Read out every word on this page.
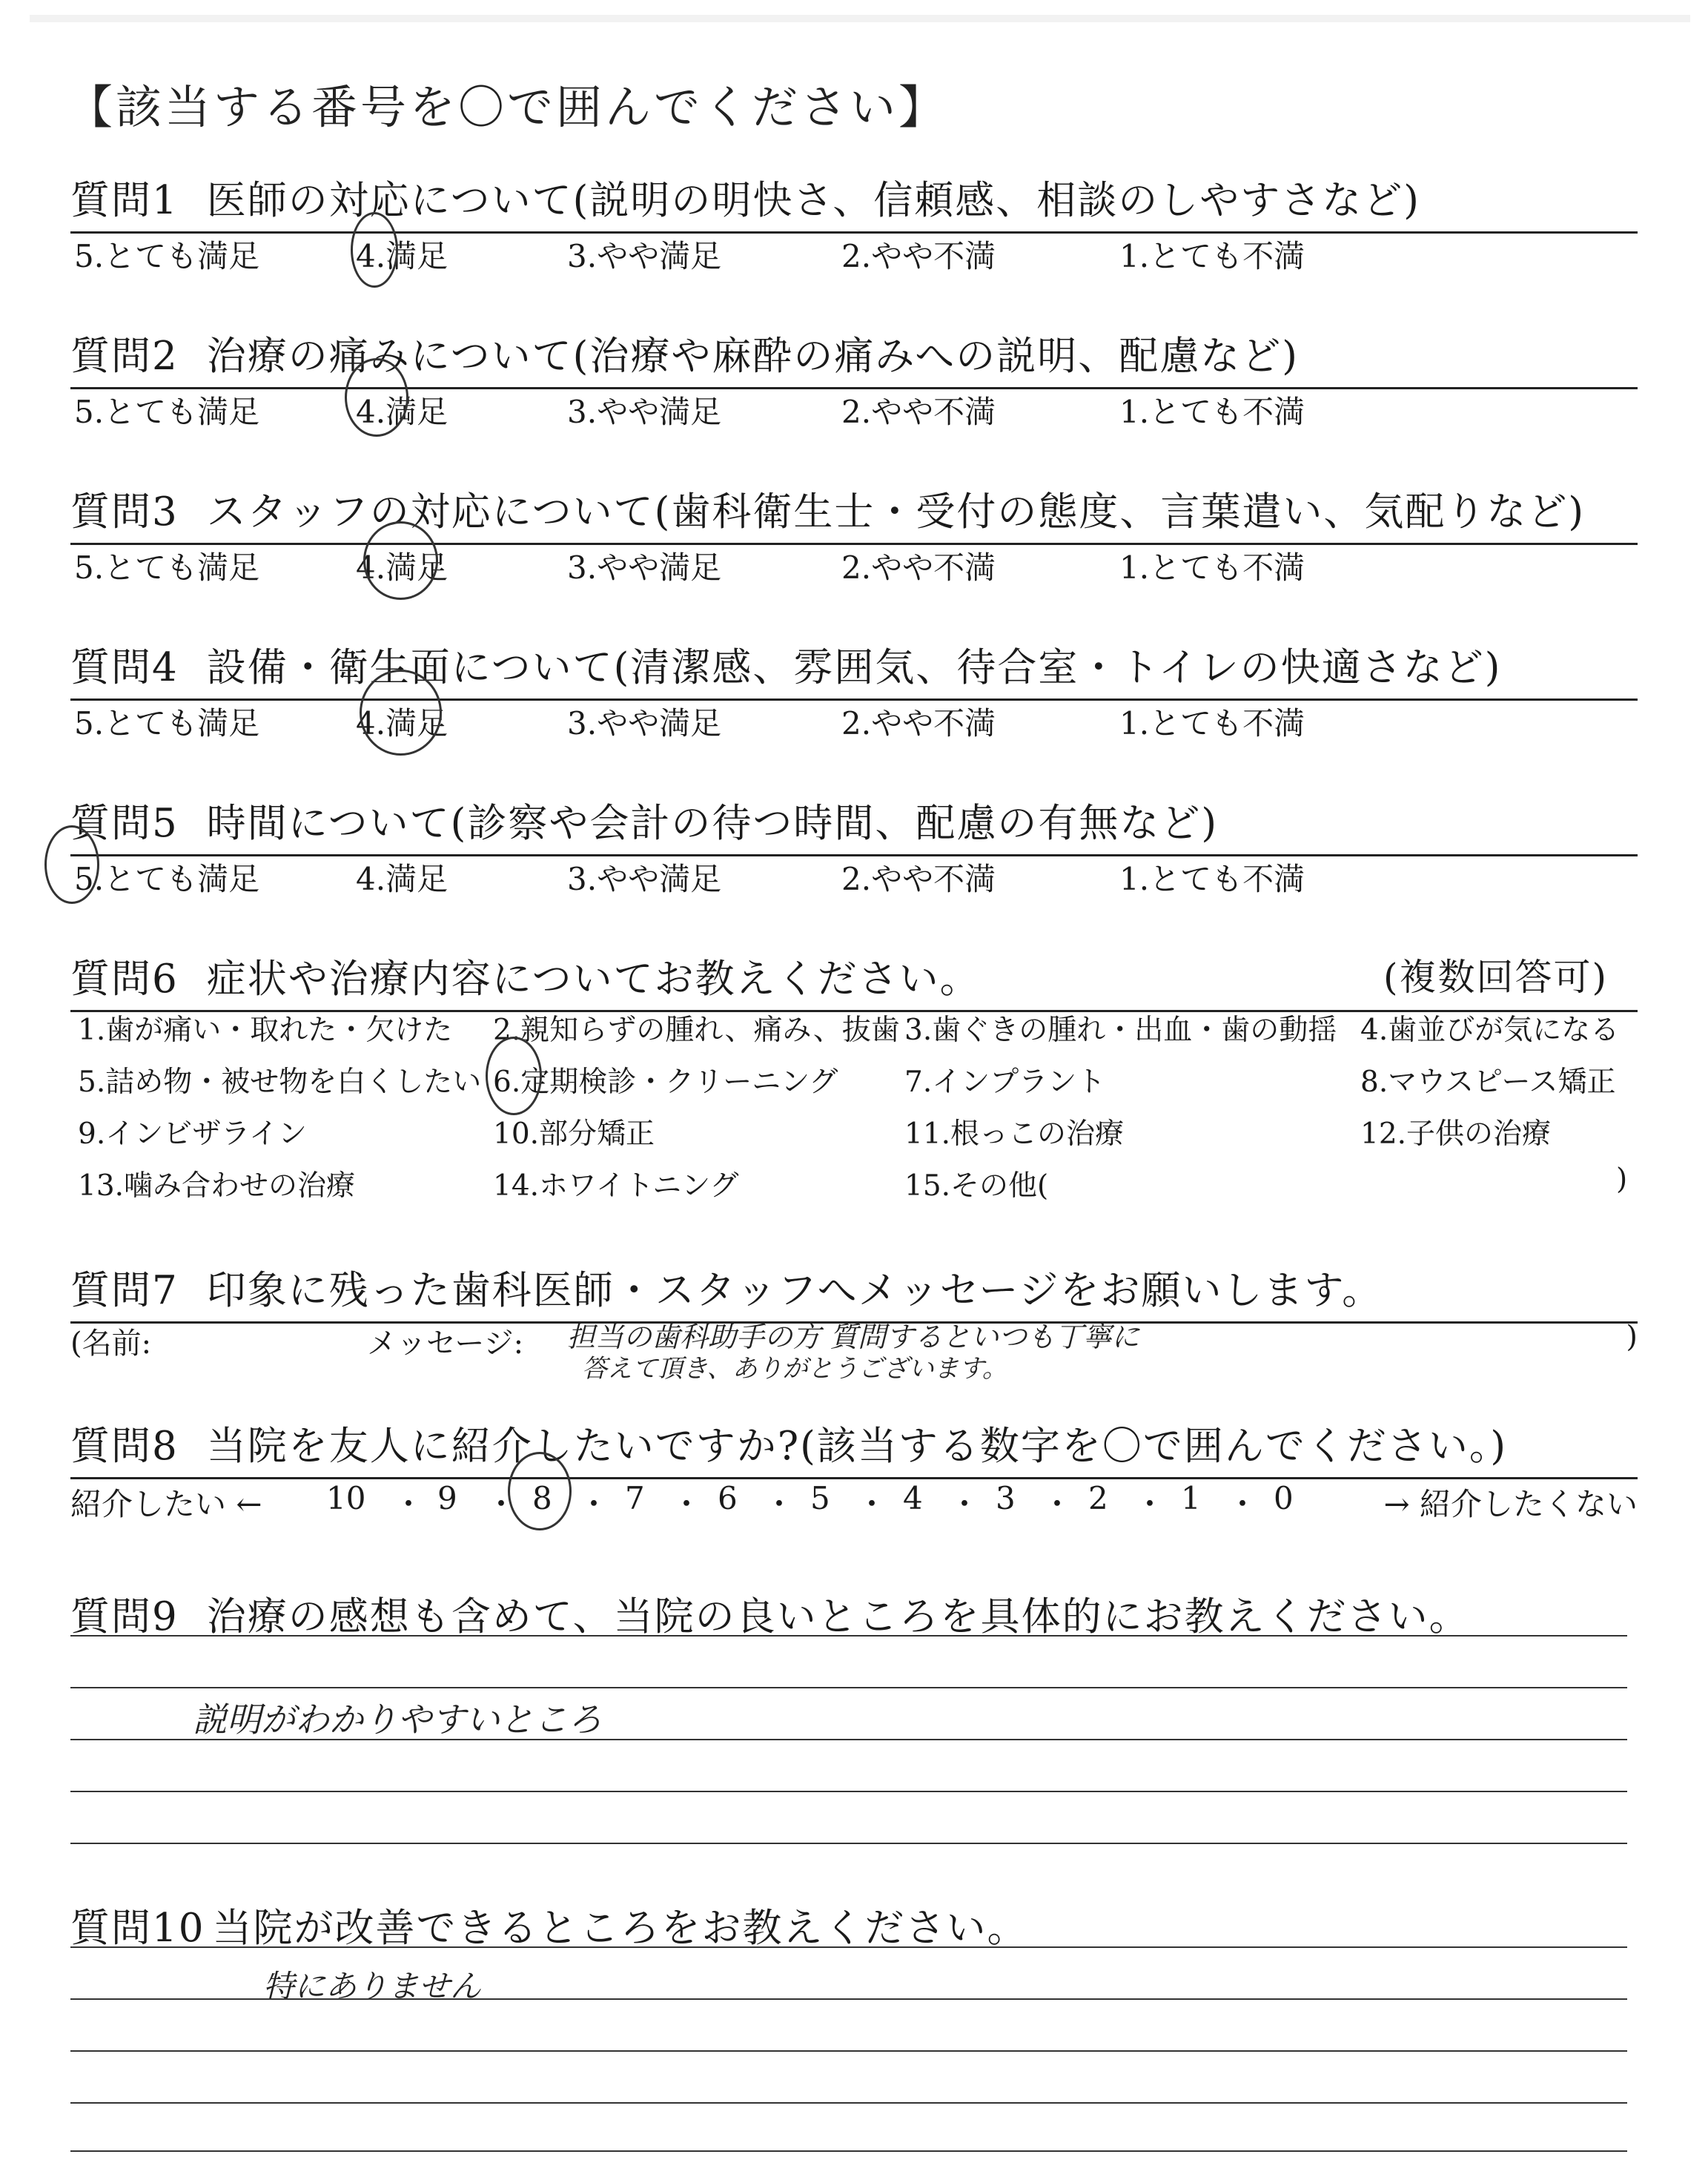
【該当する番号を〇で囲んでください】
質問1 医師の対応について(説明の明快さ、信頼感、相談のしやすさなど)
5.とても満足	4.満足	3.やや満足	2.やや不満	1.とても不満
質問2 治療の痛みについて(治療や麻酔の痛みへの説明、配慮など)
5.とても満足	4.満足	3.やや満足	2.やや不満	1.とても不満
質問3 スタッフの対応について(歯科衛生士・受付の態度、言葉遣い、気配りなど)
5.とても満足	4.満足	3.やや満足	2.やや不満	1.とても不満
質問4 設備・衛生面について(清潔感、雰囲気、待合室・トイレの快適さなど)
5.とても満足	4.満足	3.やや満足	2.やや不満	1.とても不満
質問5 時間について(診察や会計の待つ時間、配慮の有無など)
5.とても満足	4.満足	3.やや満足	2.やや不満	1.とても不満
質問6 症状や治療内容についてお教えください。	(複数回答可)
1.歯が痛い・取れた・欠けた 2.親知らずの腫れ、痛み、抜歯 3.歯ぐきの腫れ・出血・歯の動揺 4.歯並びが気になる
5.詰め物・被せ物を白くしたい 6.定期検診・クリーニング 7.インプラント	8.マウスピース矯正
9.インビザライン	10.部分矯正	11.根っこの治療	12.子供の治療
13.噛み合わせの治療	14.ホワイトニング	15.その他(	)
質問7 印象に残った歯科医師・スタッフへメッセージをお願いします。
(名前:	メッセージ: 担当の歯科助手の方 質問するといつも丁寧に
答えて頂き、ありがとうございます。
)
質問8 当院を友人に紹介したいですか?(該当する数字を〇で囲んでください。)
紹介したい ← 10 ・ 9 ・ 8 ・ 7 ・ 6 ・ 5 ・ 4 ・ 3 ・ 2 ・ 1 ・ 0	→ 紹介したくない
質問9 治療の感想も含めて、当院の良いところを具体的にお教えください。
説明がわかりやすいところ
質問10 当院が改善できるところをお教えください。
特にありません
